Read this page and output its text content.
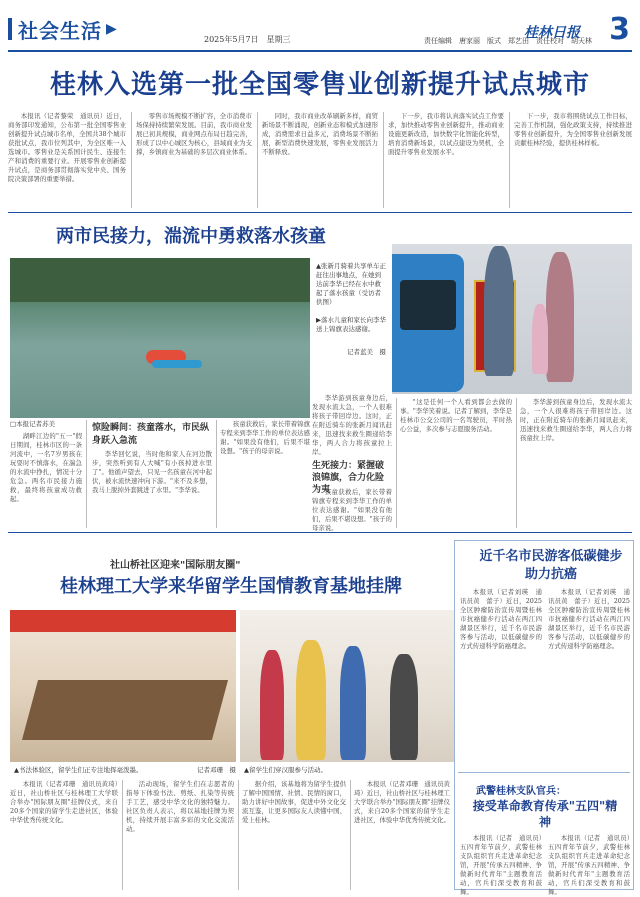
社会生活 ▶
2025年5月7日　星期三	责任编辑　唐家丽　版式　郑艺田　责任校对　胡天林
桂林日报 3
桂林入选第一批全国零售业创新提升试点城市

本报讯（记者黎荣　通讯员）近日，商务部印发通知，公布第一批全国零售业创新提升试点城市名单，全国共38个城市获批试点，我市位列其中，为全区唯一入选城市。零售业是关系国计民生、连接生产和消费的重要行业。开展零售业创新提升试点，是商务部贯彻落实党中央、国务院决策部署的重要举措。

零售市场规模不断扩容，全市消费市场保持持续繁荣发展。目前，我市商业发展已初具规模，商业网点布局日趋完善，形成了以中心城区为核心，县域商业为支撑，乡镇商业为基础的多层次商业体系。

同时，我市商业改革刷新多样，商贸新场景不断涌现，创新业态和模式加速形成，消费需求日益多元，消费场景不断拓展，新型消费快速发展，零售业发展活力不断释放。

下一步，我市将认真落实试点工作要求，加快推动零售业创新提升，推动商业设施更新改造，加快数字化智能化转型，培育消费新场景，以试点建设为契机，全面提升零售业发展水平。

下一步，我市将围绕试点工作目标，完善工作机制，强化政策支持，持续推进零售业创新提升，为全国零售业创新发展贡献桂林经验，提供桂林样板。

两市民接力，湍流中勇救落水孩童
▲张新月骑着共享单车正赶往出事地点，在她到达前李华已经在水中救起了落水孩童（受访者供图）
▶落水儿童和家长向李华送上锦旗表达感谢。
记者蓝美　摄
□本报记者苏美

湖畔江边的"五一"假日期间，桂林市区的一条河流中，一名7岁男孩在玩耍时不慎落水，在湍急的水流中挣扎，情况十分危急。两名市民接力施救，最终将孩童成功救起。

惊险瞬间：孩童落水，市民纵身跃入急流

李华回忆说，当时他和家人在河边散步，突然听到有人大喊"有小孩掉进水里了"。他循声望去，只见一名孩童在河中起伏，被水流快速冲向下游。"来不及多想，我马上脱掉外套跳进了水里。"李华说。

孩童获救后，家长带着锦旗专程来到李华工作的单位表达感谢。"如果没有他们，后果不堪设想。"孩子的母亲说。

李华游到孩童身边后，发现水流太急，一个人很难将孩子带回岸边。这时，正在附近骑车的张新月闻讯赶来，迅速找来救生圈递给李华，两人合力将孩童拉上岸。

生死接力：紧握破浪锦旗，合力化险为夷

孩童获救后，家长带着锦旗专程来到李华工作的单位表达感谢。"如果没有他们，后果不堪设想。"孩子的母亲说。

"这是任何一个人看到都会去做的事。"李华笑着说。记者了解到，李华是桂林市公交公司的一名驾驶员，平时热心公益，多次参与志愿服务活动。

李华游到孩童身边后，发现水流太急，一个人很难将孩子带回岸边。这时，正在附近骑车的张新月闻讯赶来，迅速找来救生圈递给李华，两人合力将孩童拉上岸。

社山桥社区迎来"国际朋友圈"
桂林理工大学来华留学生国情教育基地挂牌
▲书法体验区，留学生们正专注地挥毫泼墨。	记者邓珊　摄 ▲留学生们穿汉服参与活动。

本报讯（记者邓珊　通讯员黄琦）近日，社山桥社区与桂林理工大学联合举办"国际朋友圈"挂牌仪式，来自20多个国家的留学生走进社区，体验中华优秀传统文化。

活动现场，留学生们在志愿者的指导下体验书法、剪纸、扎染等传统手工艺，感受中华文化的独特魅力。社区负责人表示，将以基地挂牌为契机，持续开展丰富多彩的文化交流活动。

据介绍，该基地将为留学生提供了解中国国情、社情、民情的窗口，助力讲好中国故事，促进中外文化交流互鉴，让更多国际友人读懂中国、爱上桂林。

本报讯（记者邓珊　通讯员黄琦）近日，社山桥社区与桂林理工大学联合举办"国际朋友圈"挂牌仪式，来自20多个国家的留学生走进社区，体验中华优秀传统文化。

近千名市民游客低碳健步助力抗癌

本报讯（记者刘瑛　通讯员黄　蕾子）近日，2025全区肿瘤防治宣传周暨桂林市抗癌健步行活动在两江四湖景区举行，近千名市民游客参与活动，以低碳健步的方式传递科学防癌理念。

本报讯（记者刘瑛　通讯员黄　蕾子）近日，2025全区肿瘤防治宣传周暨桂林市抗癌健步行活动在两江四湖景区举行，近千名市民游客参与活动，以低碳健步的方式传递科学防癌理念。

武警桂林支队官兵：
接受革命教育传承"五四"精神

本报讯（记者　通讯员）五四青年节前夕，武警桂林支队组织官兵走进革命纪念馆，开展"传承五四精神、争做新时代青年"主题教育活动，官兵们深受教育和鼓舞。

本报讯（记者　通讯员）五四青年节前夕，武警桂林支队组织官兵走进革命纪念馆，开展"传承五四精神、争做新时代青年"主题教育活动，官兵们深受教育和鼓舞。
